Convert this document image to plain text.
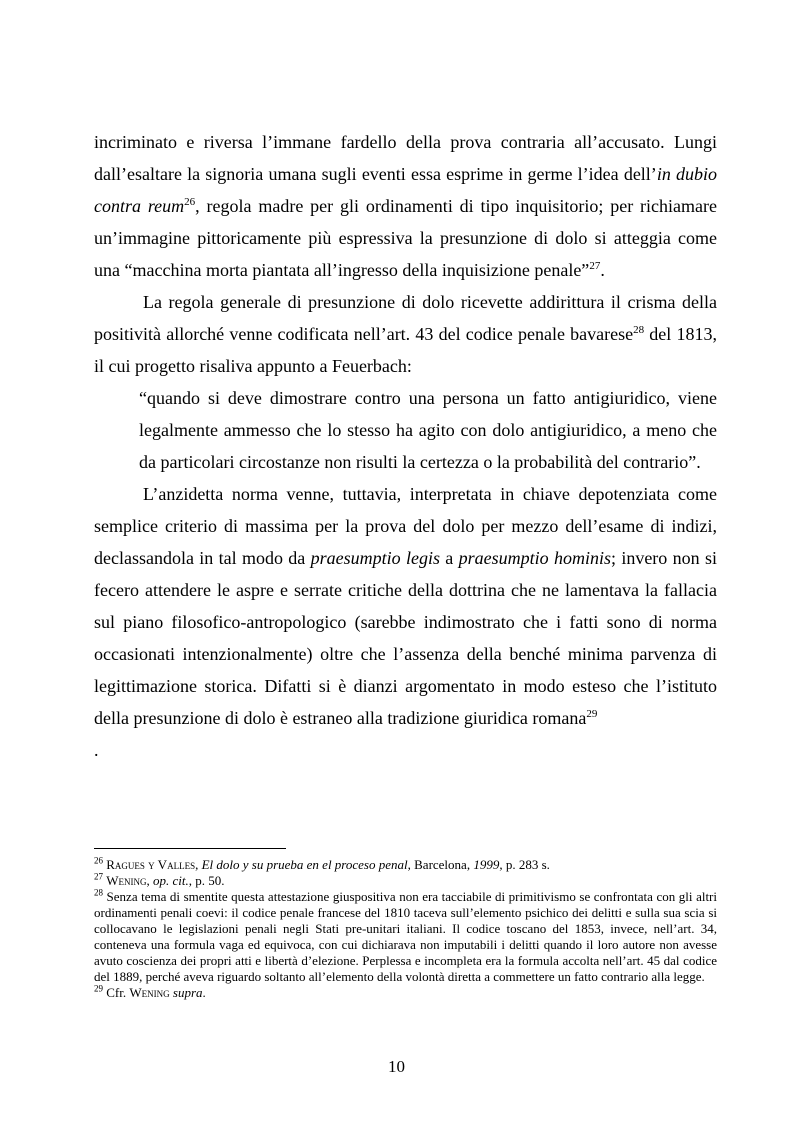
incriminato e riversa l’immane fardello della prova contraria all’accusato. Lungi dall’esaltare la signoria umana sugli eventi essa esprime in germe l’idea dell’in dubio contra reum$^{26}$, regola madre per gli ordinamenti di tipo inquisitorio; per richiamare un’immagine pittoricamente più espressiva la presunzione di dolo si atteggia come una “macchina morta piantata all’ingresso della inquisizione penale”$^{27}$.

La regola generale di presunzione di dolo ricevette addirittura il crisma della positività allorché venne codificata nell’art. 43 del codice penale bavarese$^{28}$ del 1813, il cui progetto risaliva appunto a Feuerbach:

“quando si deve dimostrare contro una persona un fatto antigiuridico, viene legalmente ammesso che lo stesso ha agito con dolo antigiuridico, a meno che da particolari circostanze non risulti la certezza o la probabilità del contrario”.

L’anzidetta norma venne, tuttavia, interpretata in chiave depotenziata come semplice criterio di massima per la prova del dolo per mezzo dell’esame di indizi, declassandola in tal modo da praesumptio legis a praesumptio hominis; invero non si fecero attendere le aspre e serrate critiche della dottrina che ne lamentava la fallacia sul piano filosofico-antropologico (sarebbe indimostrato che i fatti sono di norma occasionati intenzionalmente) oltre che l’assenza della benché minima parvenza di legittimazione storica. Difatti si è dianzi argomentato in modo esteso che l’istituto della presunzione di dolo è estraneo alla tradizione giuridica romana$^{29}$
.

$^{26}$ Ragues y Valles, El dolo y su prueba en el proceso penal, Barcelona, 1999, p. 283 s.

$^{27}$ Wening, op. cit., p. 50.

$^{28}$ Senza tema di smentite questa attestazione giuspositiva non era tacciabile di primitivismo se confrontata con gli altri ordinamenti penali coevi: il codice penale francese del 1810 taceva sull’elemento psichico dei delitti e sulla sua scia si collocavano le legislazioni penali negli Stati pre-unitari italiani. Il codice toscano del 1853, invece, nell’art. 34, conteneva una formula vaga ed equivoca, con cui dichiarava non imputabili i delitti quando il loro autore non avesse avuto coscienza dei propri atti e libertà d’elezione. Perplessa e incompleta era la formula accolta nell’art. 45 dal codice del 1889, perché aveva riguardo soltanto all’elemento della volontà diretta a commettere un fatto contrario alla legge.

$^{29}$ Cfr. Wening supra.

10
